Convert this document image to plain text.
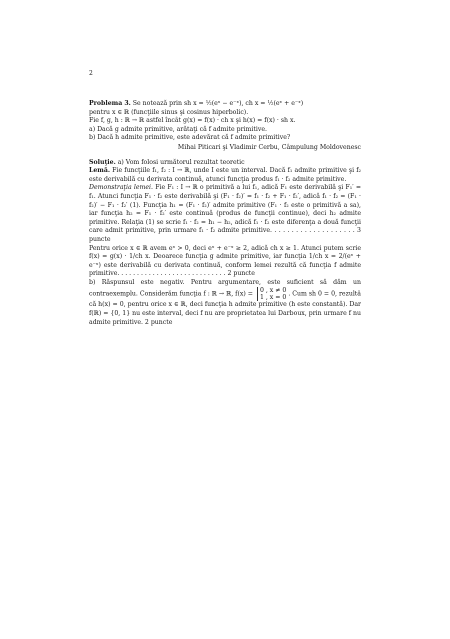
2

Problema 3. Se notează prin sh x = ½(eˣ − e⁻ˣ), ch x = ½(eˣ + e⁻ˣ)
pentru x ∈ ℝ (funcţiile sinus şi cosinus hiperbolic).
Fie f, g, h : ℝ → ℝ astfel încât g(x) = f(x) · ch x şi h(x) = f(x) · sh x.
a) Dacă g admite primitive, arătaţi că f admite primitive.
b) Dacă h admite primitive, este adevărat că f admite primitive?

Mihai Piticari şi Vladimir Cerbu, Câmpulung Moldovenesc

Soluţie. a) Vom folosi următorul rezultat teoretic

Lemă. Fie funcţiile f₁, f₂ : I → ℝ, unde I este un interval. Dacă f₁ admite primitive şi f₂ este derivabilă cu derivata continuă, atunci funcţia produs f₁ · f₂ admite primitive.

Demonstraţia lemei. Fie F₁ : I → ℝ o primitivă a lui f₁, adică F₁ este derivabilă şi F₁′ = f₁. Atunci funcţia F₁ · f₂ este derivabilă şi (F₁ · f₂)′ = f₁ · f₂ + F₁ · f₂′, adică f₁ · f₂ = (F₁ · f₂)′ − F₁ · f₂′ (1). Funcţia h₁ = (F₁ · f₂)′ admite primitive (F₁ · f₂ este o primitivă a sa), iar funcţia h₂ = F₁ · f₂′ este continuă (produs de funcţii continue), deci h₂ admite primitive. Relaţia (1) se scrie f₁ · f₂ = h₁ − h₂, adică f₁ · f₂ este diferenţa a două funcţii care admit primitive, prin urmare f₁ · f₂ admite primitive. . . . . . . . . . . . . . . . . . . . 3 puncte

Pentru orice x ∈ ℝ avem eˣ > 0, deci eˣ + e⁻ˣ ≥ 2, adică ch x ≥ 1. Atunci putem scrie f(x) = g(x) · 1/ch x. Deoarece funcţia g admite primitive, iar funcţia 1/ch x = 2/(eˣ + e⁻ˣ) este derivabilă cu derivata continuă, conform lemei rezultă că funcţia f admite primitive. . . . . . . . . . . . . . . . . . . . . . . . . . . . 2 puncte

b) Răspunsul este negativ. Pentru argumentare, este suficient să dăm un contraexemplu. Considerăm funcţia f : ℝ → ℝ, f(x) = 0 , x ≠ 0
1 , x = 0 . Cum sh 0 = 0, rezultă că h(x) = 0, pentru orice x ∈ ℝ, deci funcţia h admite primitive (h este constantă). Dar f(ℝ) = {0, 1} nu este interval, deci f nu are proprietatea lui Darboux, prin urmare f nu admite primitive. 2 puncte
